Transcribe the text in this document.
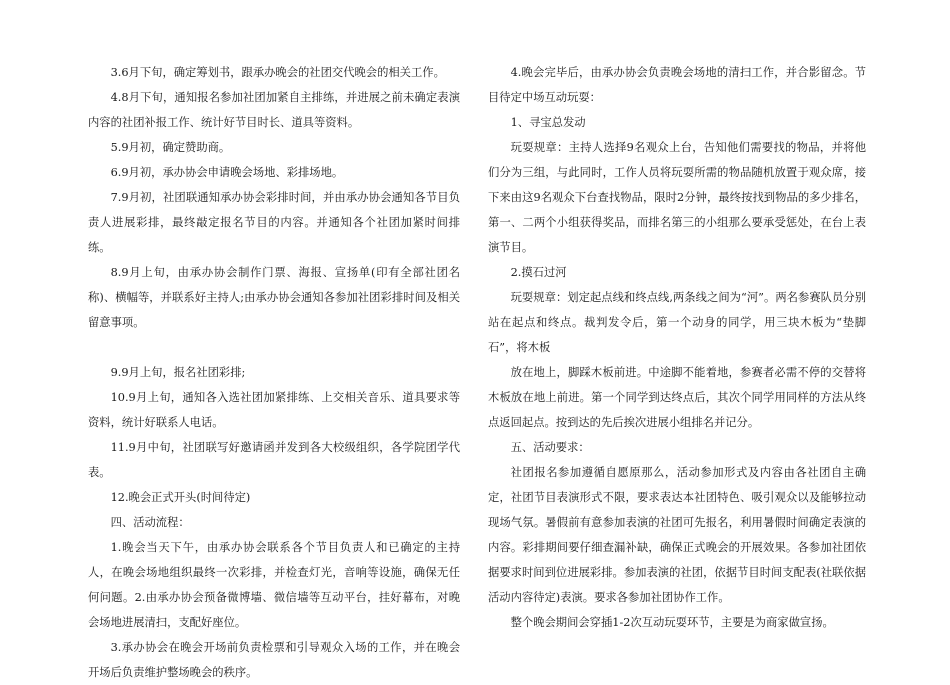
3.6月下旬，确定筹划书，跟承办晚会的社团交代晚会的相关工作。

4.8月下旬，通知报名参加社团加紧自主排练，并进展之前未确定表演内容的社团补报工作、统计好节目时长、道具等资料。

5.9月初，确定赞助商。

6.9月初，承办协会申请晚会场地、彩排场地。

7.9月初，社团联通知承办协会彩排时间，并由承办协会通知各节目负责人进展彩排，最终敲定报名节目的内容。并通知各个社团加紧时间排练。

8.9月上旬，由承办协会制作门票、海报、宣扬单(印有全部社团名称)、横幅等，并联系好主持人;由承办协会通知各参加社团彩排时间及相关留意事项。

9.9月上旬，报名社团彩排;

10.9月上旬，通知各入选社团加紧排练、上交相关音乐、道具要求等资料，统计好联系人电话。

11.9月中旬，社团联写好邀请函并发到各大校级组织，各学院团学代表。

12.晚会正式开头(时间待定)

四、活动流程：

1.晚会当天下午，由承办协会联系各个节目负责人和已确定的主持人，在晚会场地组织最终一次彩排，并检查灯光，音响等设施，确保无任何问题。2.由承办协会预备微博墙、微信墙等互动平台，挂好幕布，对晚会场地进展清扫，支配好座位。

3.承办协会在晚会开场前负责检票和引导观众入场的工作，并在晚会开场后负责维护整场晚会的秩序。

4.晚会完毕后，由承办协会负责晚会场地的清扫工作，并合影留念。节目待定中场互动玩耍：

1、寻宝总发动

玩耍规章：主持人选择9名观众上台，告知他们需要找的物品，并将他们分为三组，与此同时，工作人员将玩耍所需的物品随机放置于观众席，接下来由这9名观众下台查找物品，限时2分钟，最终按找到物品的多少排名，第一、二两个小组获得奖品，而排名第三的小组那么要承受惩处，在台上表演节目。

2.摸石过河

玩耍规章：划定起点线和终点线,两条线之间为“河”。两名参赛队员分别站在起点和终点。裁判发令后，第一个动身的同学，用三块木板为“垫脚石”，将木板

放在地上，脚踩木板前进。中途脚不能着地，参赛者必需不停的交替将木板放在地上前进。第一个同学到达终点后，其次个同学用同样的方法从终点返回起点。按到达的先后挨次进展小组排名并记分。

五、活动要求：

社团报名参加遵循自愿原那么，活动参加形式及内容由各社团自主确定，社团节目表演形式不限，要求表达本社团特色、吸引观众以及能够拉动现场气氛。暑假前有意参加表演的社团可先报名，利用暑假时间确定表演的内容。彩排期间要仔细查漏补缺，确保正式晚会的开展效果。各参加社团依据要求时间到位进展彩排。参加表演的社团，依据节目时间支配表(社联依据活动内容待定)表演。要求各参加社团协作工作。

整个晚会期间会穿插1-2次互动玩耍环节，主要是为商家做宣扬。
